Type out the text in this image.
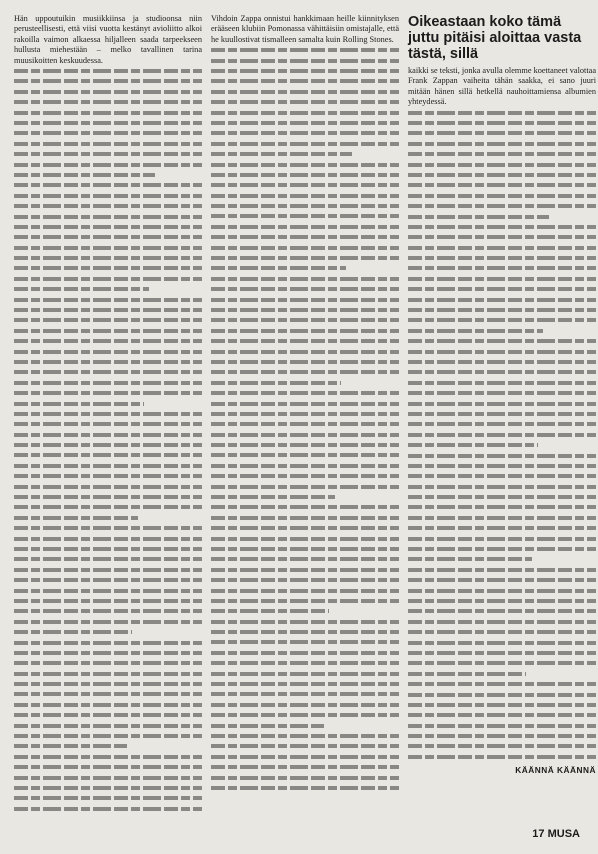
Hän uppoutuikin musiikkiinsa ja studioonsa niin perusteellisesti, että viisi vuotta kestänyt avioliitto alkoi rakoilla vaimon alkaessa hiljalleen saada tarpeekseen hullusta miehestään – melko tavallinen tarina muusikoitten keskuudessa.

Vihdoin Zappa onnistui hankkimaan heille kiinnityksen erääseen klubiin Pomonassa vähittäisiin omistajalle, että he kuullostivat tismalleen samalta kuin Rolling Stones.

Oikeastaan koko tämä juttu pitäisi aloittaa vasta tästä, sillä

kaikki se teksti, jonka avulla olemme koettaneet valottaa Frank Zappan vaiheita tähän saakka, ei sano juuri mitään hänen sillä hetkellä nauhoittamiensa albumien yhteydessä.

KÄÄNNÄ KÄÄNNÄ
17 MUSA
